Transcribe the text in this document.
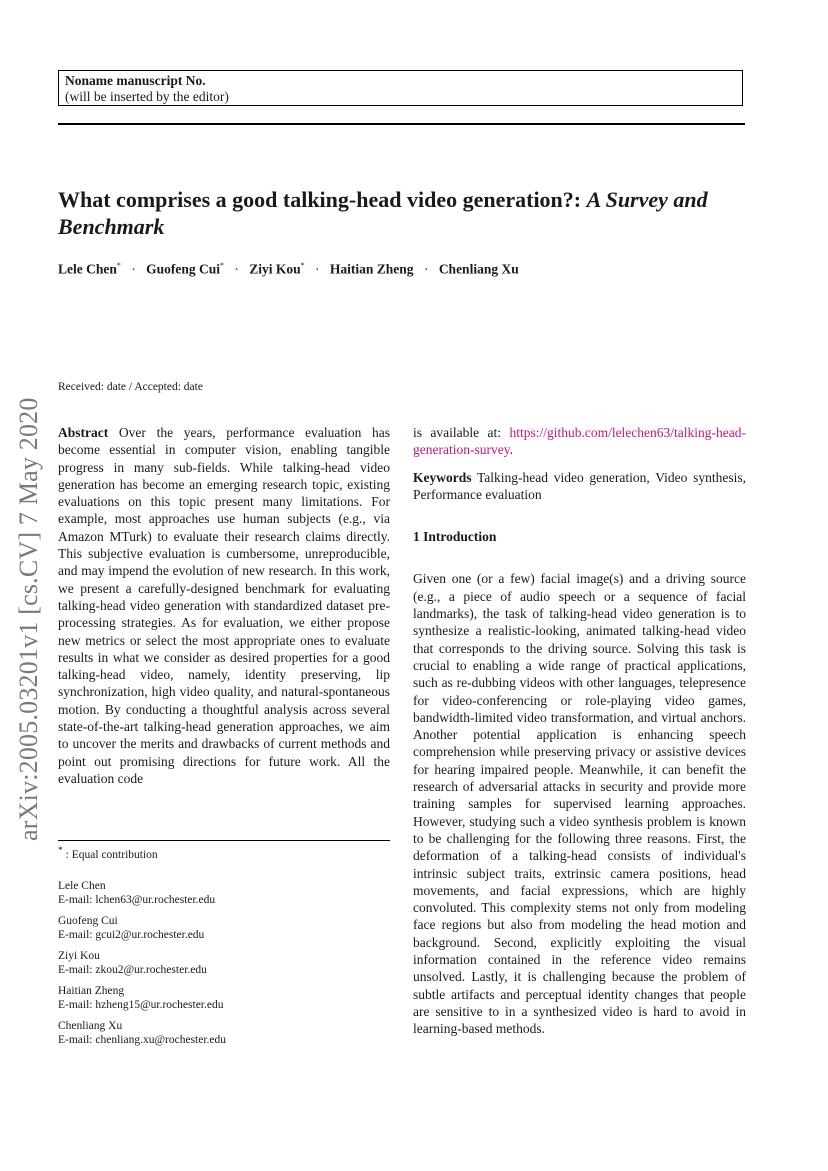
Noname manuscript No.
(will be inserted by the editor)
What comprises a good talking-head video generation?: A Survey and Benchmark
Lele Chen* · Guofeng Cui* · Ziyi Kou* · Haitian Zheng · Chenliang Xu
arXiv:2005.03201v1 [cs.CV] 7 May 2020
Received: date / Accepted: date
Abstract Over the years, performance evaluation has become essential in computer vision, enabling tangible progress in many sub-fields. While talking-head video generation has become an emerging research topic, existing evaluations on this topic present many limitations. For example, most approaches use human subjects (e.g., via Amazon MTurk) to evaluate their research claims directly. This subjective evaluation is cumbersome, unreproducible, and may impend the evolution of new research. In this work, we present a carefully-designed benchmark for evaluating talking-head video generation with standardized dataset pre-processing strategies. As for evaluation, we either propose new metrics or select the most appropriate ones to evaluate results in what we consider as desired properties for a good talking-head video, namely, identity preserving, lip synchronization, high video quality, and natural-spontaneous motion. By conducting a thoughtful analysis across several state-of-the-art talking-head generation approaches, we aim to uncover the merits and drawbacks of current methods and point out promising directions for future work. All the evaluation code
is available at: https://github.com/lelechen63/talking-head-generation-survey.
Keywords Talking-head video generation, Video synthesis, Performance evaluation
1 Introduction
Given one (or a few) facial image(s) and a driving source (e.g., a piece of audio speech or a sequence of facial landmarks), the task of talking-head video generation is to synthesize a realistic-looking, animated talking-head video that corresponds to the driving source. Solving this task is crucial to enabling a wide range of practical applications, such as re-dubbing videos with other languages, telepresence for video-conferencing or role-playing video games, bandwidth-limited video transformation, and virtual anchors. Another potential application is enhancing speech comprehension while preserving privacy or assistive devices for hearing impaired people. Meanwhile, it can benefit the research of adversarial attacks in security and provide more training samples for supervised learning approaches. However, studying such a video synthesis problem is known to be challenging for the following three reasons. First, the deformation of a talking-head consists of individual's intrinsic subject traits, extrinsic camera positions, head movements, and facial expressions, which are highly convoluted. This complexity stems not only from modeling face regions but also from modeling the head motion and background. Second, explicitly exploiting the visual information contained in the reference video remains unsolved. Lastly, it is challenging because the problem of subtle artifacts and perceptual identity changes that people are sensitive to in a synthesized video is hard to avoid in learning-based methods.
* : Equal contribution
Lele Chen
E-mail: lchen63@ur.rochester.edu
Guofeng Cui
E-mail: gcui2@ur.rochester.edu
Ziyi Kou
E-mail: zkou2@ur.rochester.edu
Haitian Zheng
E-mail: hzheng15@ur.rochester.edu
Chenliang Xu
E-mail: chenliang.xu@rochester.edu
